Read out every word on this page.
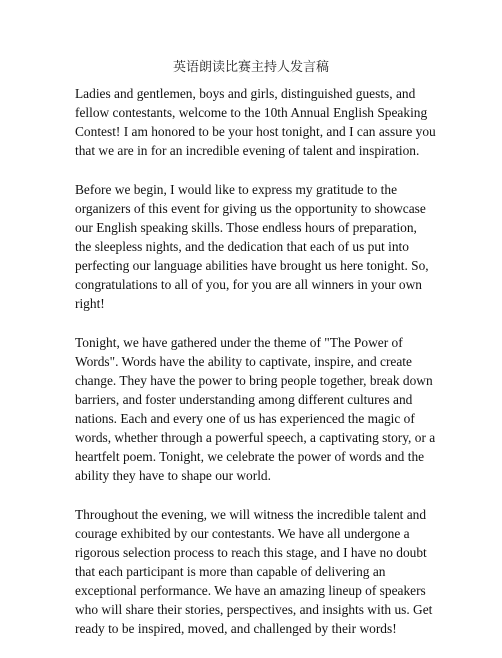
英语朗读比赛主持人发言稿

Ladies and gentlemen, boys and girls, distinguished guests, and
fellow contestants, welcome to the 10th Annual English Speaking
Contest! I am honored to be your host tonight, and I can assure you
that we are in for an incredible evening of talent and inspiration.

Before we begin, I would like to express my gratitude to the
organizers of this event for giving us the opportunity to showcase
our English speaking skills. Those endless hours of preparation,
the sleepless nights, and the dedication that each of us put into
perfecting our language abilities have brought us here tonight. So,
congratulations to all of you, for you are all winners in your own
right!

Tonight, we have gathered under the theme of "The Power of
Words". Words have the ability to captivate, inspire, and create
change. They have the power to bring people together, break down
barriers, and foster understanding among different cultures and
nations. Each and every one of us has experienced the magic of
words, whether through a powerful speech, a captivating story, or a
heartfelt poem. Tonight, we celebrate the power of words and the
ability they have to shape our world.

Throughout the evening, we will witness the incredible talent and
courage exhibited by our contestants. We have all undergone a
rigorous selection process to reach this stage, and I have no doubt
that each participant is more than capable of delivering an
exceptional performance. We have an amazing lineup of speakers
who will share their stories, perspectives, and insights with us. Get
ready to be inspired, moved, and challenged by their words!
